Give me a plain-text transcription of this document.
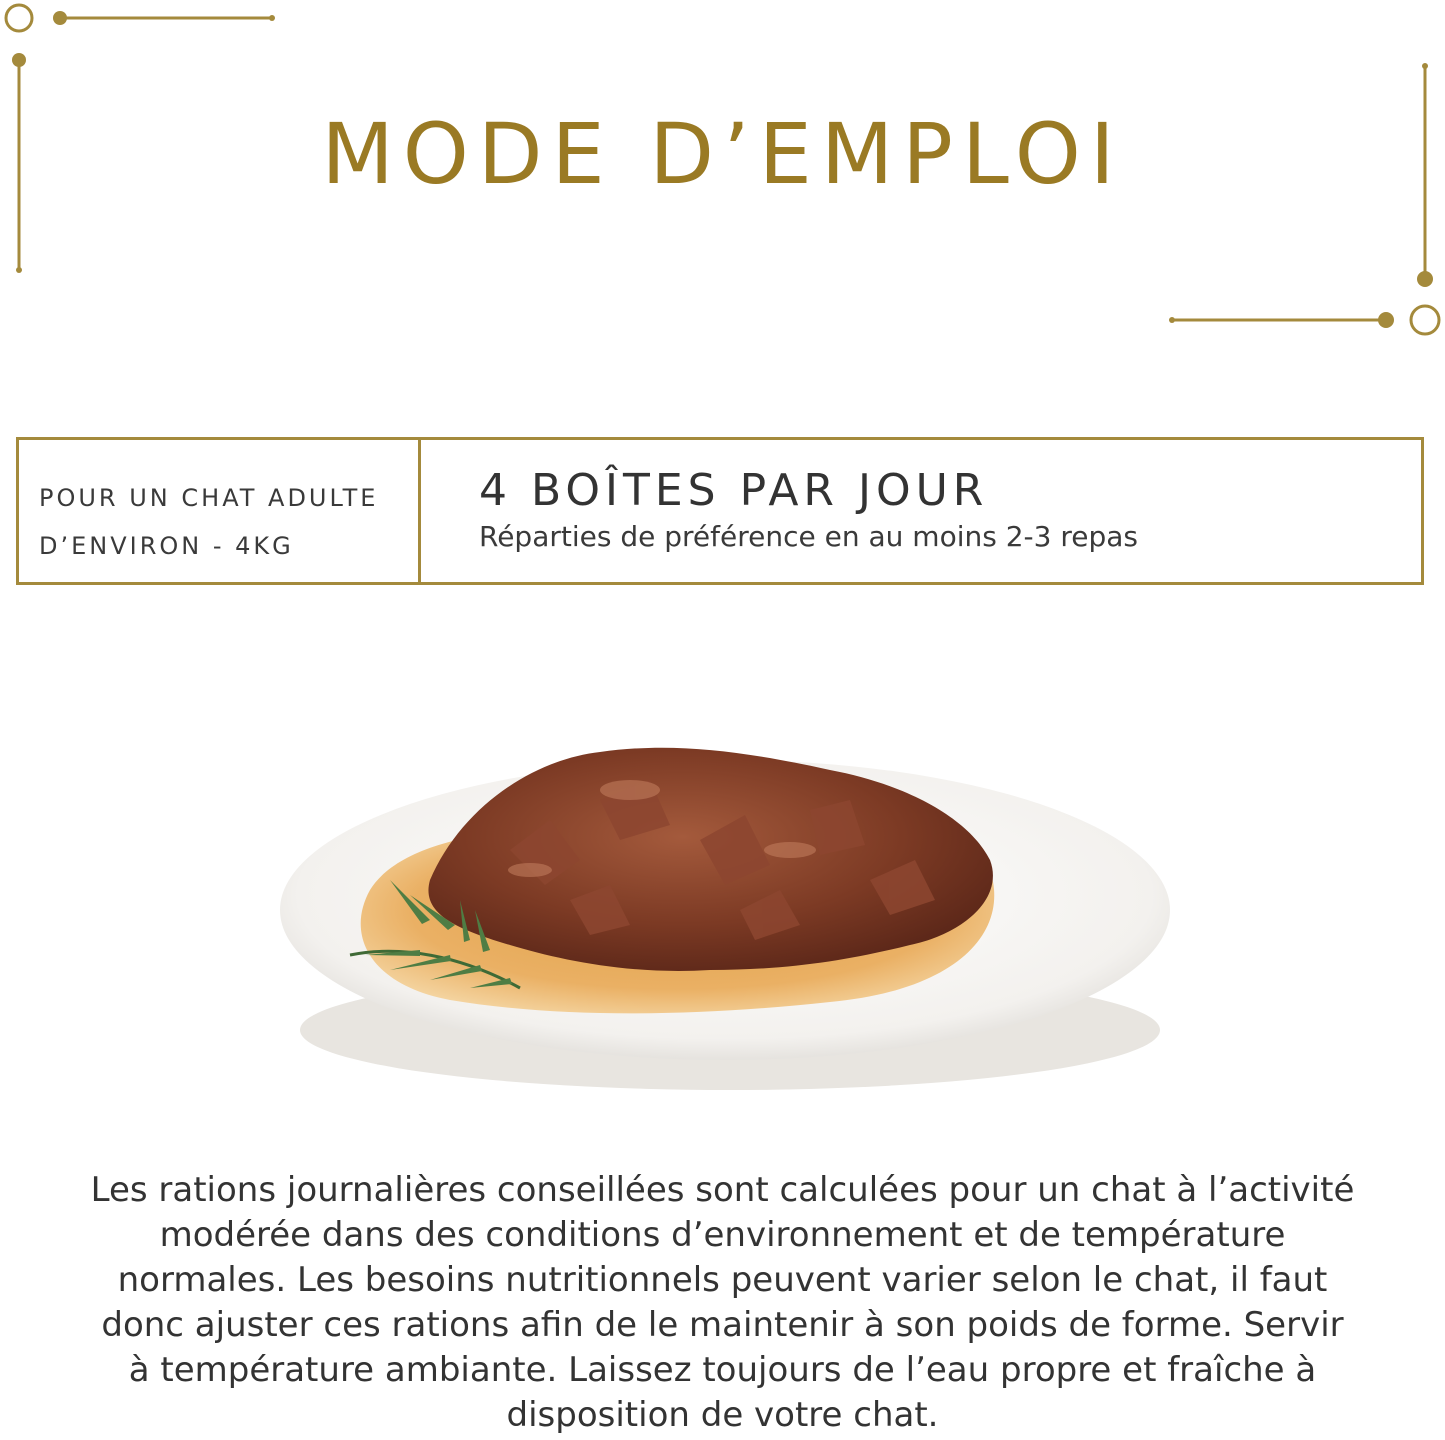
MODE D’EMPLOI
POUR UN CHAT ADULTE
D’ENVIRON - 4KG
4 BOÎTES PAR JOUR
Réparties de préférence en au moins 2-3 repas

Les rations journalières conseillées sont calculées pour un chat à l’activité modérée dans des conditions d’environnement et de température normales. Les besoins nutritionnels peuvent varier selon le chat, il faut donc ajuster ces rations afin de le maintenir à son poids de forme. Servir à température ambiante. Laissez toujours de l’eau propre et fraîche à disposition de votre chat.
